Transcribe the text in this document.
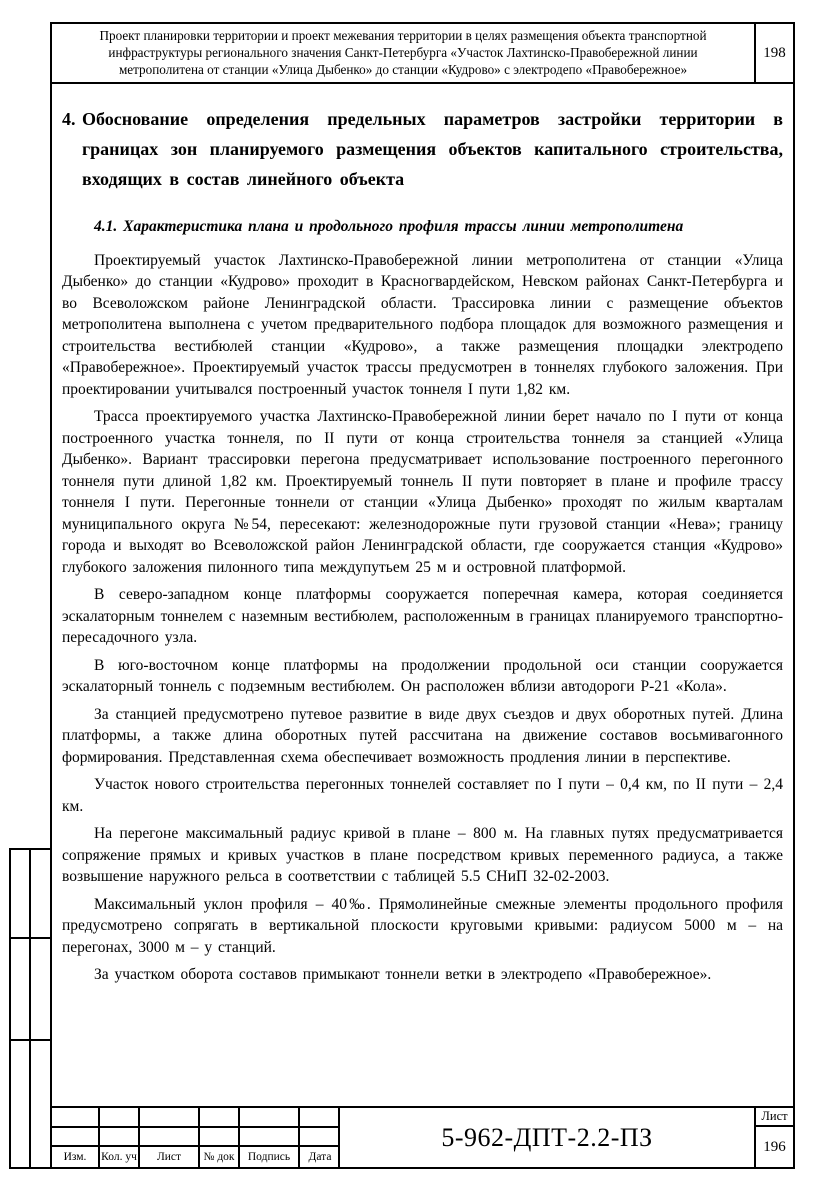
Проект планировки территории и проект межевания территории в целях размещения объекта транспортной инфраструктуры регионального значения Санкт-Петербурга «Участок Лахтинско-Правобережной линии метрополитена от станции «Улица Дыбенко» до станции «Кудрово» с электродепо «Правобережное»
198
4. Обоснование определения предельных параметров застройки территории в границах зон планируемого размещения объектов капитального строительства, входящих в состав линейного объекта
4.1. Характеристика плана и продольного профиля трассы линии метрополитена

Проектируемый участок Лахтинско-Правобережной линии метрополитена от станции «Улица Дыбенко» до станции «Кудрово» проходит в Красногвардейском, Невском районах Санкт-Петербурга и во Всеволожском районе Ленинградской области. Трассировка линии с размещение объектов метрополитена выполнена с учетом предварительного подбора площадок для возможного размещения и строительства вестибюлей станции «Кудрово», а также размещения площадки электродепо «Правобережное». Проектируемый участок трассы предусмотрен в тоннелях глубокого заложения. При проектировании учитывался построенный участок тоннеля I пути 1,82 км.

Трасса проектируемого участка Лахтинско-Правобережной линии берет начало по I пути от конца построенного участка тоннеля, по II пути от конца строительства тоннеля за станцией «Улица Дыбенко». Вариант трассировки перегона предусматривает использование построенного перегонного тоннеля пути длиной 1,82 км. Проектируемый тоннель II пути повторяет в плане и профиле трассу тоннеля I пути. Перегонные тоннели от станции «Улица Дыбенко» проходят по жилым кварталам муниципального округа №54, пересекают: железнодорожные пути грузовой станции «Нева»; границу города и выходят во Всеволожской район Ленинградской области, где сооружается станция «Кудрово» глубокого заложения пилонного типа междупутьем 25 м и островной платформой.

В северо-западном конце платформы сооружается поперечная камера, которая соединяется эскалаторным тоннелем с наземным вестибюлем, расположенным в границах планируемого транспортно-пересадочного узла.

В юго-восточном конце платформы на продолжении продольной оси станции сооружается эскалаторный тоннель с подземным вестибюлем. Он расположен вблизи автодороги Р-21 «Кола».

За станцией предусмотрено путевое развитие в виде двух съездов и двух оборотных путей. Длина платформы, а также длина оборотных путей рассчитана на движение составов восьмивагонного формирования. Представленная схема обеспечивает возможность продления линии в перспективе.

Участок нового строительства перегонных тоннелей составляет по I пути – 0,4 км, по II пути – 2,4 км.

На перегоне максимальный радиус кривой в плане – 800 м. На главных путях предусматривается сопряжение прямых и кривых участков в плане посредством кривых переменного радиуса, а также возвышение наружного рельса в соответствии с таблицей 5.5 СНиП 32-02-2003.

Максимальный уклон профиля – 40‰. Прямолинейные смежные элементы продольного профиля предусмотрено сопрягать в вертикальной плоскости круговыми кривыми: радиусом 5000 м – на перегонах, 3000 м – у станций.

За участком оборота составов примыкают тоннели ветки в электродепо «Правобережное».

Изм.	Кол. уч	Лист	№ док	Подпись	Дата
5-962-ДПТ-2.2-ПЗ
Лист
196
